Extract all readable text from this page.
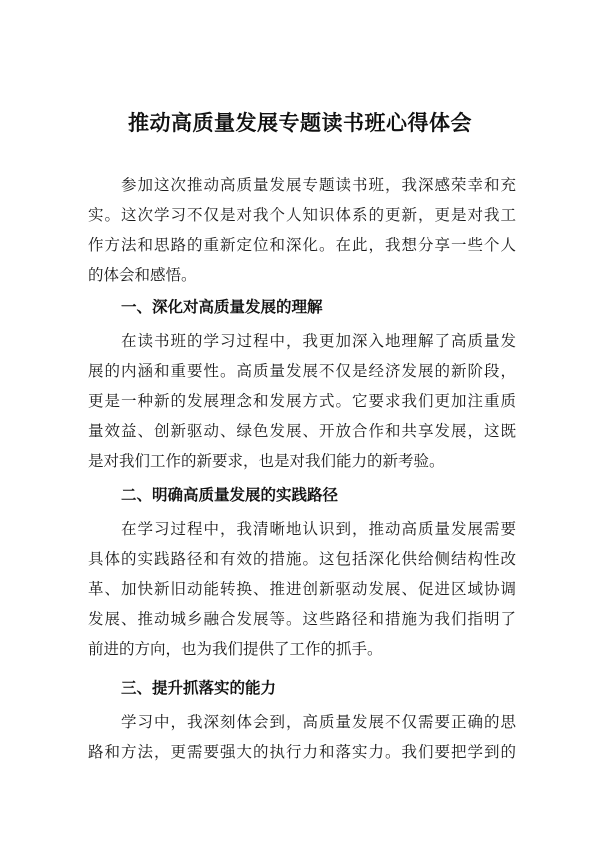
推动高质量发展专题读书班心得体会
参加这次推动高质量发展专题读书班，我深感荣幸和充
实。这次学习不仅是对我个人知识体系的更新，更是对我工
作方法和思路的重新定位和深化。在此，我想分享一些个人
的体会和感悟。
一、深化对高质量发展的理解
在读书班的学习过程中，我更加深入地理解了高质量发
展的内涵和重要性。高质量发展不仅是经济发展的新阶段，
更是一种新的发展理念和发展方式。它要求我们更加注重质
量效益、创新驱动、绿色发展、开放合作和共享发展，这既
是对我们工作的新要求，也是对我们能力的新考验。
二、明确高质量发展的实践路径
在学习过程中，我清晰地认识到，推动高质量发展需要
具体的实践路径和有效的措施。这包括深化供给侧结构性改
革、加快新旧动能转换、推进创新驱动发展、促进区域协调
发展、推动城乡融合发展等。这些路径和措施为我们指明了
前进的方向，也为我们提供了工作的抓手。
三、提升抓落实的能力
学习中，我深刻体会到，高质量发展不仅需要正确的思
路和方法，更需要强大的执行力和落实力。我们要把学到的
